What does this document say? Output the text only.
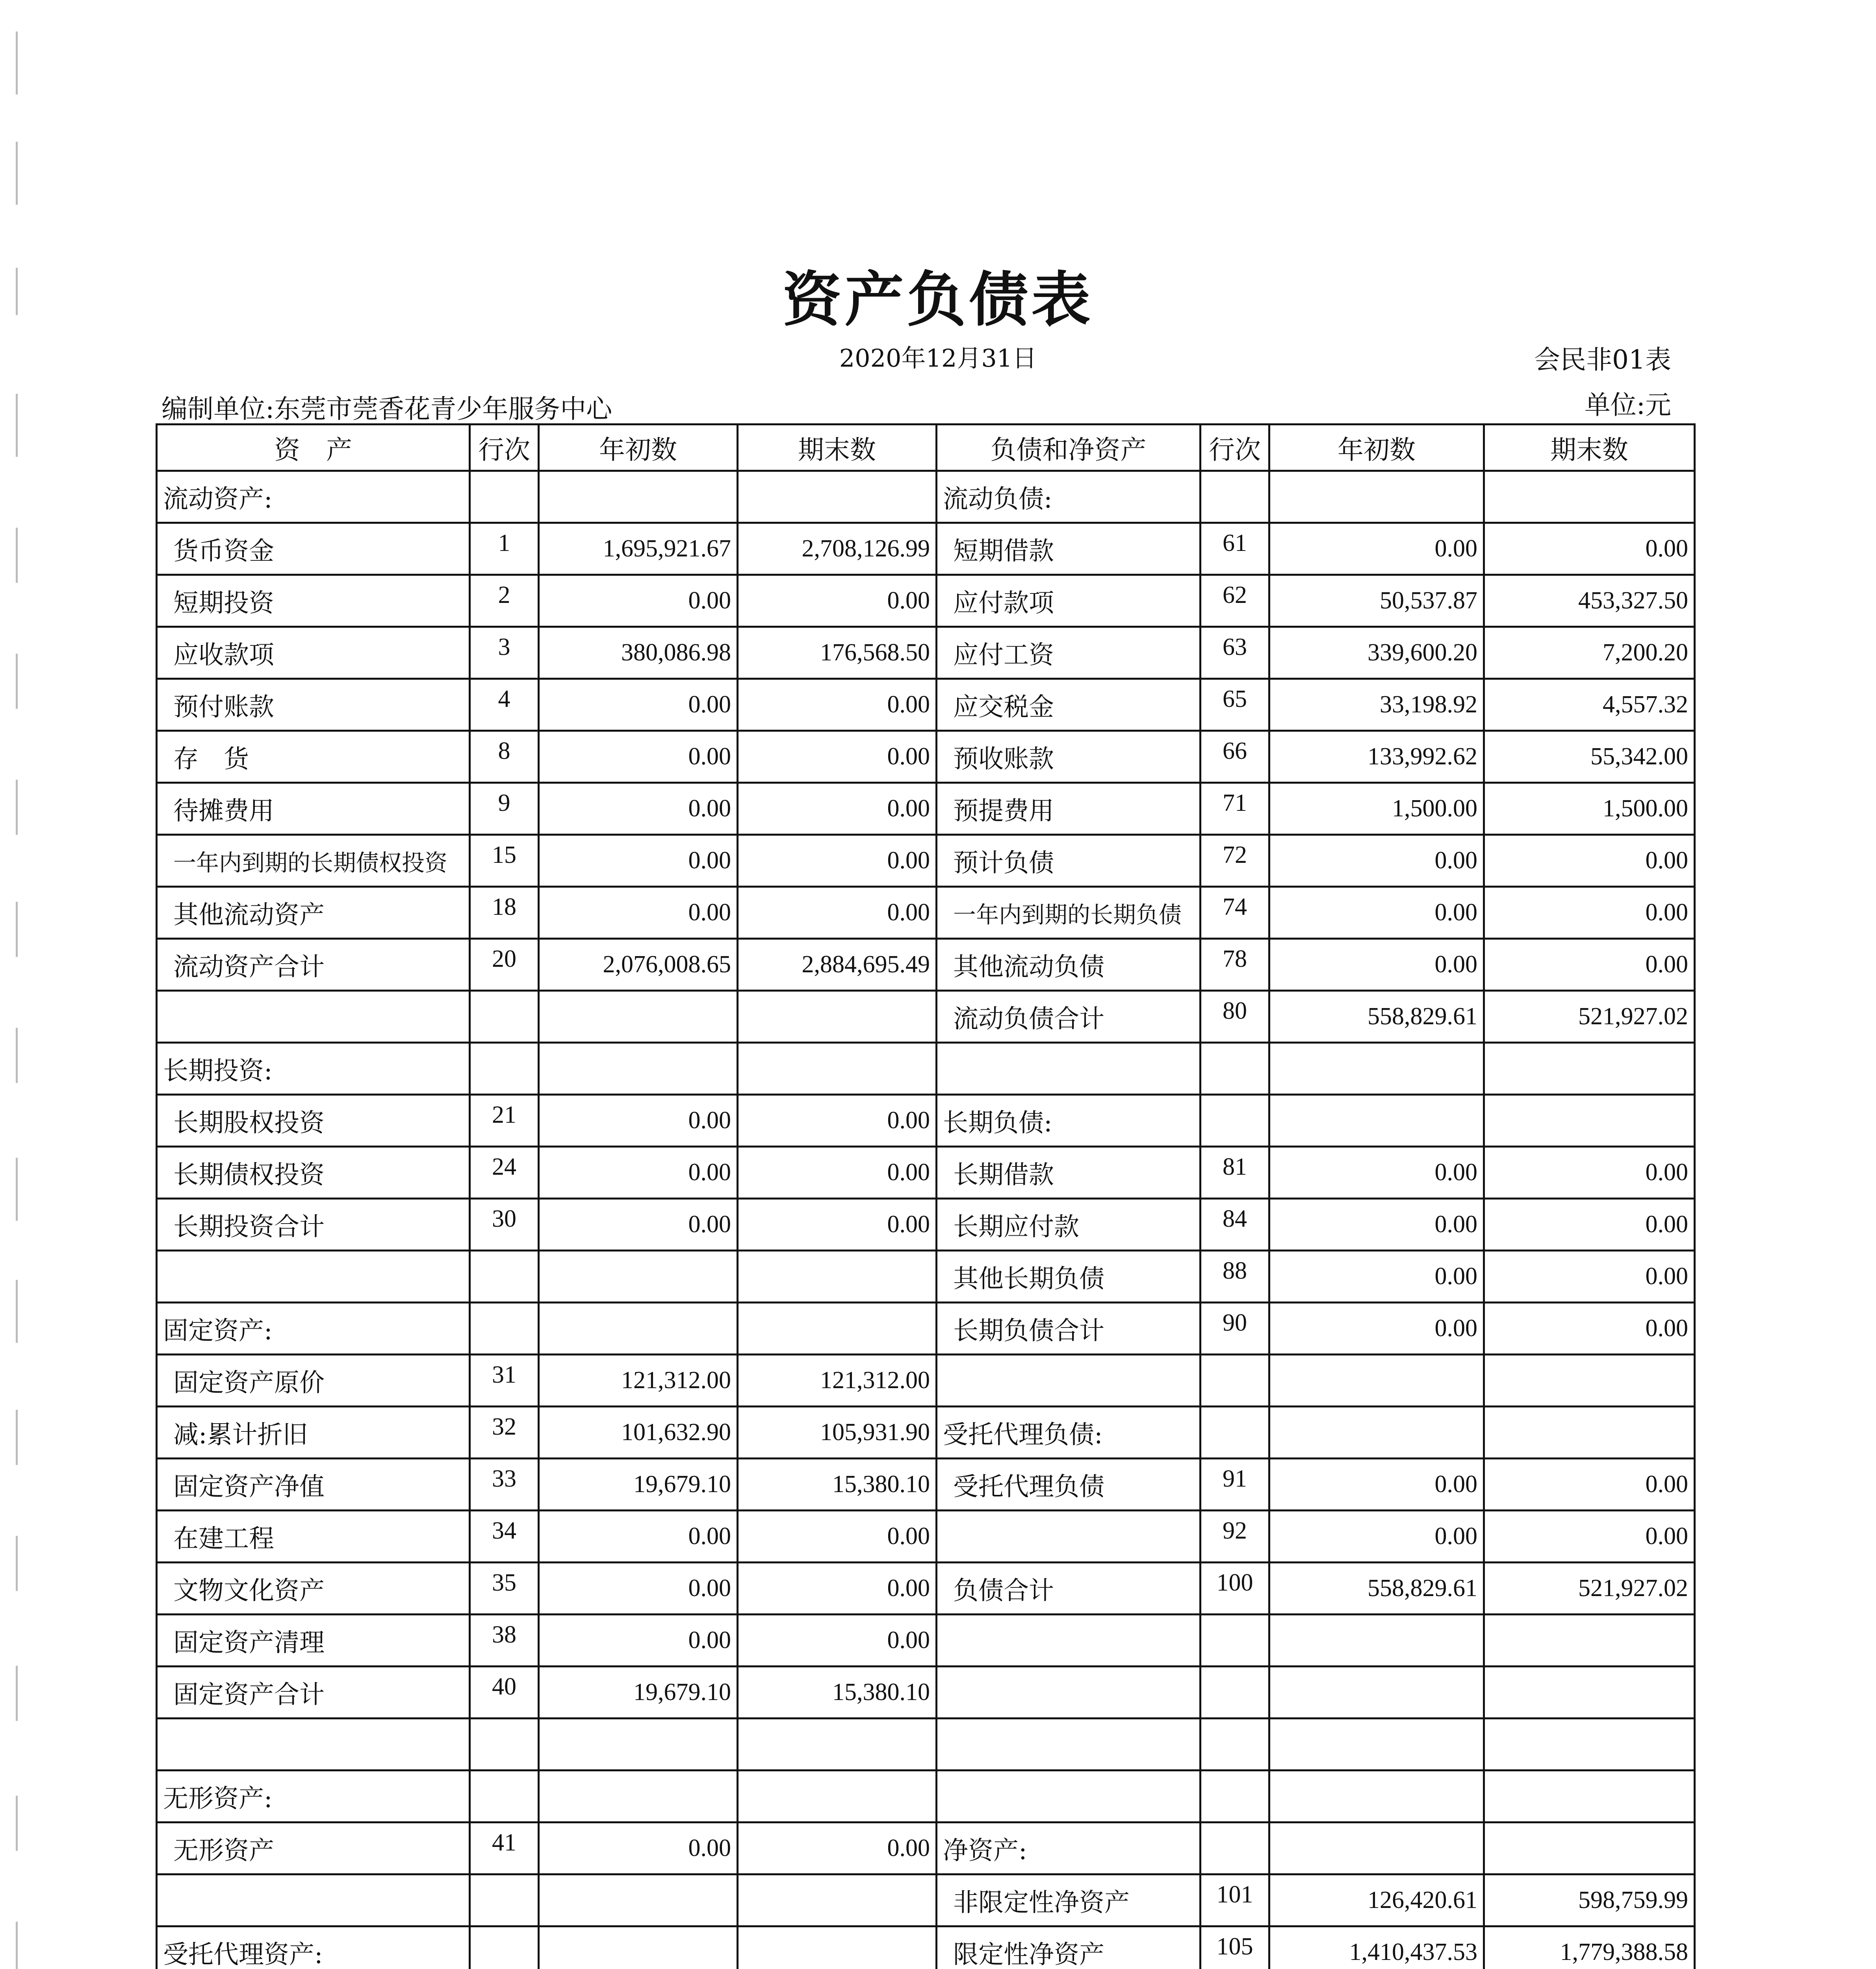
资产负债表
2020年12月31日	会民非01表
编制单位:东莞市莞香花青少年服务中心	单位:元
资　产	行次	年初数	期末数	负债和净资产	行次	年初数	期末数
流动资产:				流动负债:			
货币资金	1	1,695,921.67	2,708,126.99	短期借款	61	0.00	0.00
短期投资	2	0.00	0.00	应付款项	62	50,537.87	453,327.50
应收款项	3	380,086.98	176,568.50	应付工资	63	339,600.20	7,200.20
预付账款	4	0.00	0.00	应交税金	65	33,198.92	4,557.32
存　货	8	0.00	0.00	预收账款	66	133,992.62	55,342.00
待摊费用	9	0.00	0.00	预提费用	71	1,500.00	1,500.00
一年内到期的长期债权投资	15	0.00	0.00	预计负债	72	0.00	0.00
其他流动资产	18	0.00	0.00	一年内到期的长期负债	74	0.00	0.00
流动资产合计	20	2,076,008.65	2,884,695.49	其他流动负债	78	0.00	0.00
				流动负债合计	80	558,829.61	521,927.02
长期投资:							
长期股权投资	21	0.00	0.00	长期负债:			
长期债权投资	24	0.00	0.00	长期借款	81	0.00	0.00
长期投资合计	30	0.00	0.00	长期应付款	84	0.00	0.00
				其他长期负债	88	0.00	0.00
固定资产:				长期负债合计	90	0.00	0.00
固定资产原价	31	121,312.00	121,312.00				
减:累计折旧	32	101,632.90	105,931.90	受托代理负债:			
固定资产净值	33	19,679.10	15,380.10	受托代理负债	91	0.00	0.00
在建工程	34	0.00	0.00		92	0.00	0.00
文物文化资产	35	0.00	0.00	负债合计	100	558,829.61	521,927.02
固定资产清理	38	0.00	0.00				
固定资产合计	40	19,679.10	15,380.10				

无形资产:							
无形资产	41	0.00	0.00	净资产:			
				非限定性净资产	101	126,420.61	598,759.99
受托代理资产:				限定性净资产	105	1,410,437.53	1,779,388.58
